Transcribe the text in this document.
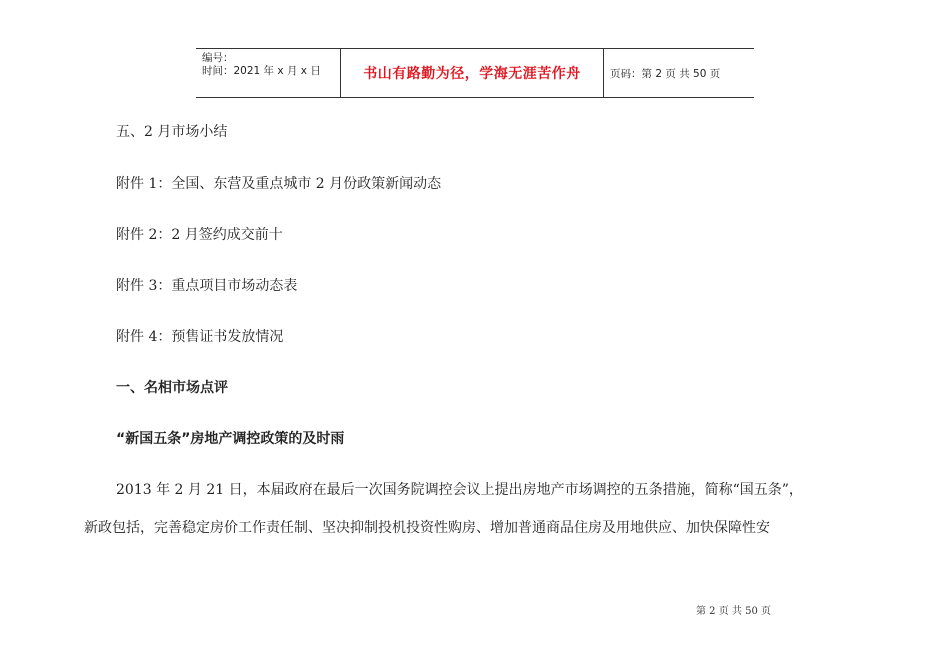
编号：
时间：2021 年 x 月 x 日	书山有路勤为径，学海无涯苦作舟	页码：第 2 页 共 50 页
五、2 月市场小结
附件 1：全国、东营及重点城市 2 月份政策新闻动态
附件 2：2 月签约成交前十
附件 3：重点项目市场动态表
附件 4：预售证书发放情况
一、名相市场点评
“新国五条”房地产调控政策的及时雨
2013 年 2 月 21 日，本届政府在最后一次国务院调控会议上提出房地产市场调控的五条措施，简称“国五条”，
新政包括，完善稳定房价工作责任制、坚决抑制投机投资性购房、增加普通商品住房及用地供应、加快保障性安
第 2 页 共 50 页
